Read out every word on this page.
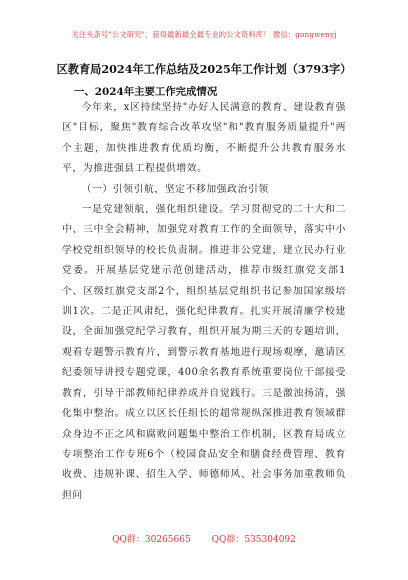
关注头条号"公文研究"，获得最新最全最专业的公文资料库！ 微信：gongwenyj
区教育局2024年工作总结及2025年工作计划（3793字）
一、2024年主要工作完成情况

今年来，x区持续坚持"办好人民满意的教育、建设教育强区"目标，聚焦"教育综合改革攻坚"和"教育服务质量提升"两个主题，加快推进教育优质均衡，不断提升公共教育服务水平，为推进强县工程提供增效。

（一）引领引航，坚定不移加强政治引领

一是党建领航，强化组织建设。学习贯彻党的二十大和二中、三中全会精神，加强党对教育工作的全面领导，落实中小学校党组织领导的校长负责制。推进非公党建，建立民办行业党委。开展基层党建示范创建活动，推荐市级红旗党支部1个、区级红旗党支部2个，组织基层党组织书记参加国家级培训1次。二是正风肃纪，强化纪律教育。扎实开展清廉学校建设，全面加强党纪学习教育，组织开展为期三天的专题培训，观看专题警示教育片，到警示教育基地进行现场观摩，邀请区纪委领导讲授专题党课，400余名教育系统重要岗位干部接受教育，引导干部教师纪律养成并自觉践行。三是激浊扬清，强化集中整治。成立以区长任组长的超常规纵深推进教育领域群众身边不正之风和腐败问题集中整治工作机制，区教育局成立专项整治工作专班6个（校园食品安全和膳食经费管理、教育收费、违规补课、招生入学、师德师风、社会事务加重教师负担问

QQ群：30265665 QQ群：535304092
